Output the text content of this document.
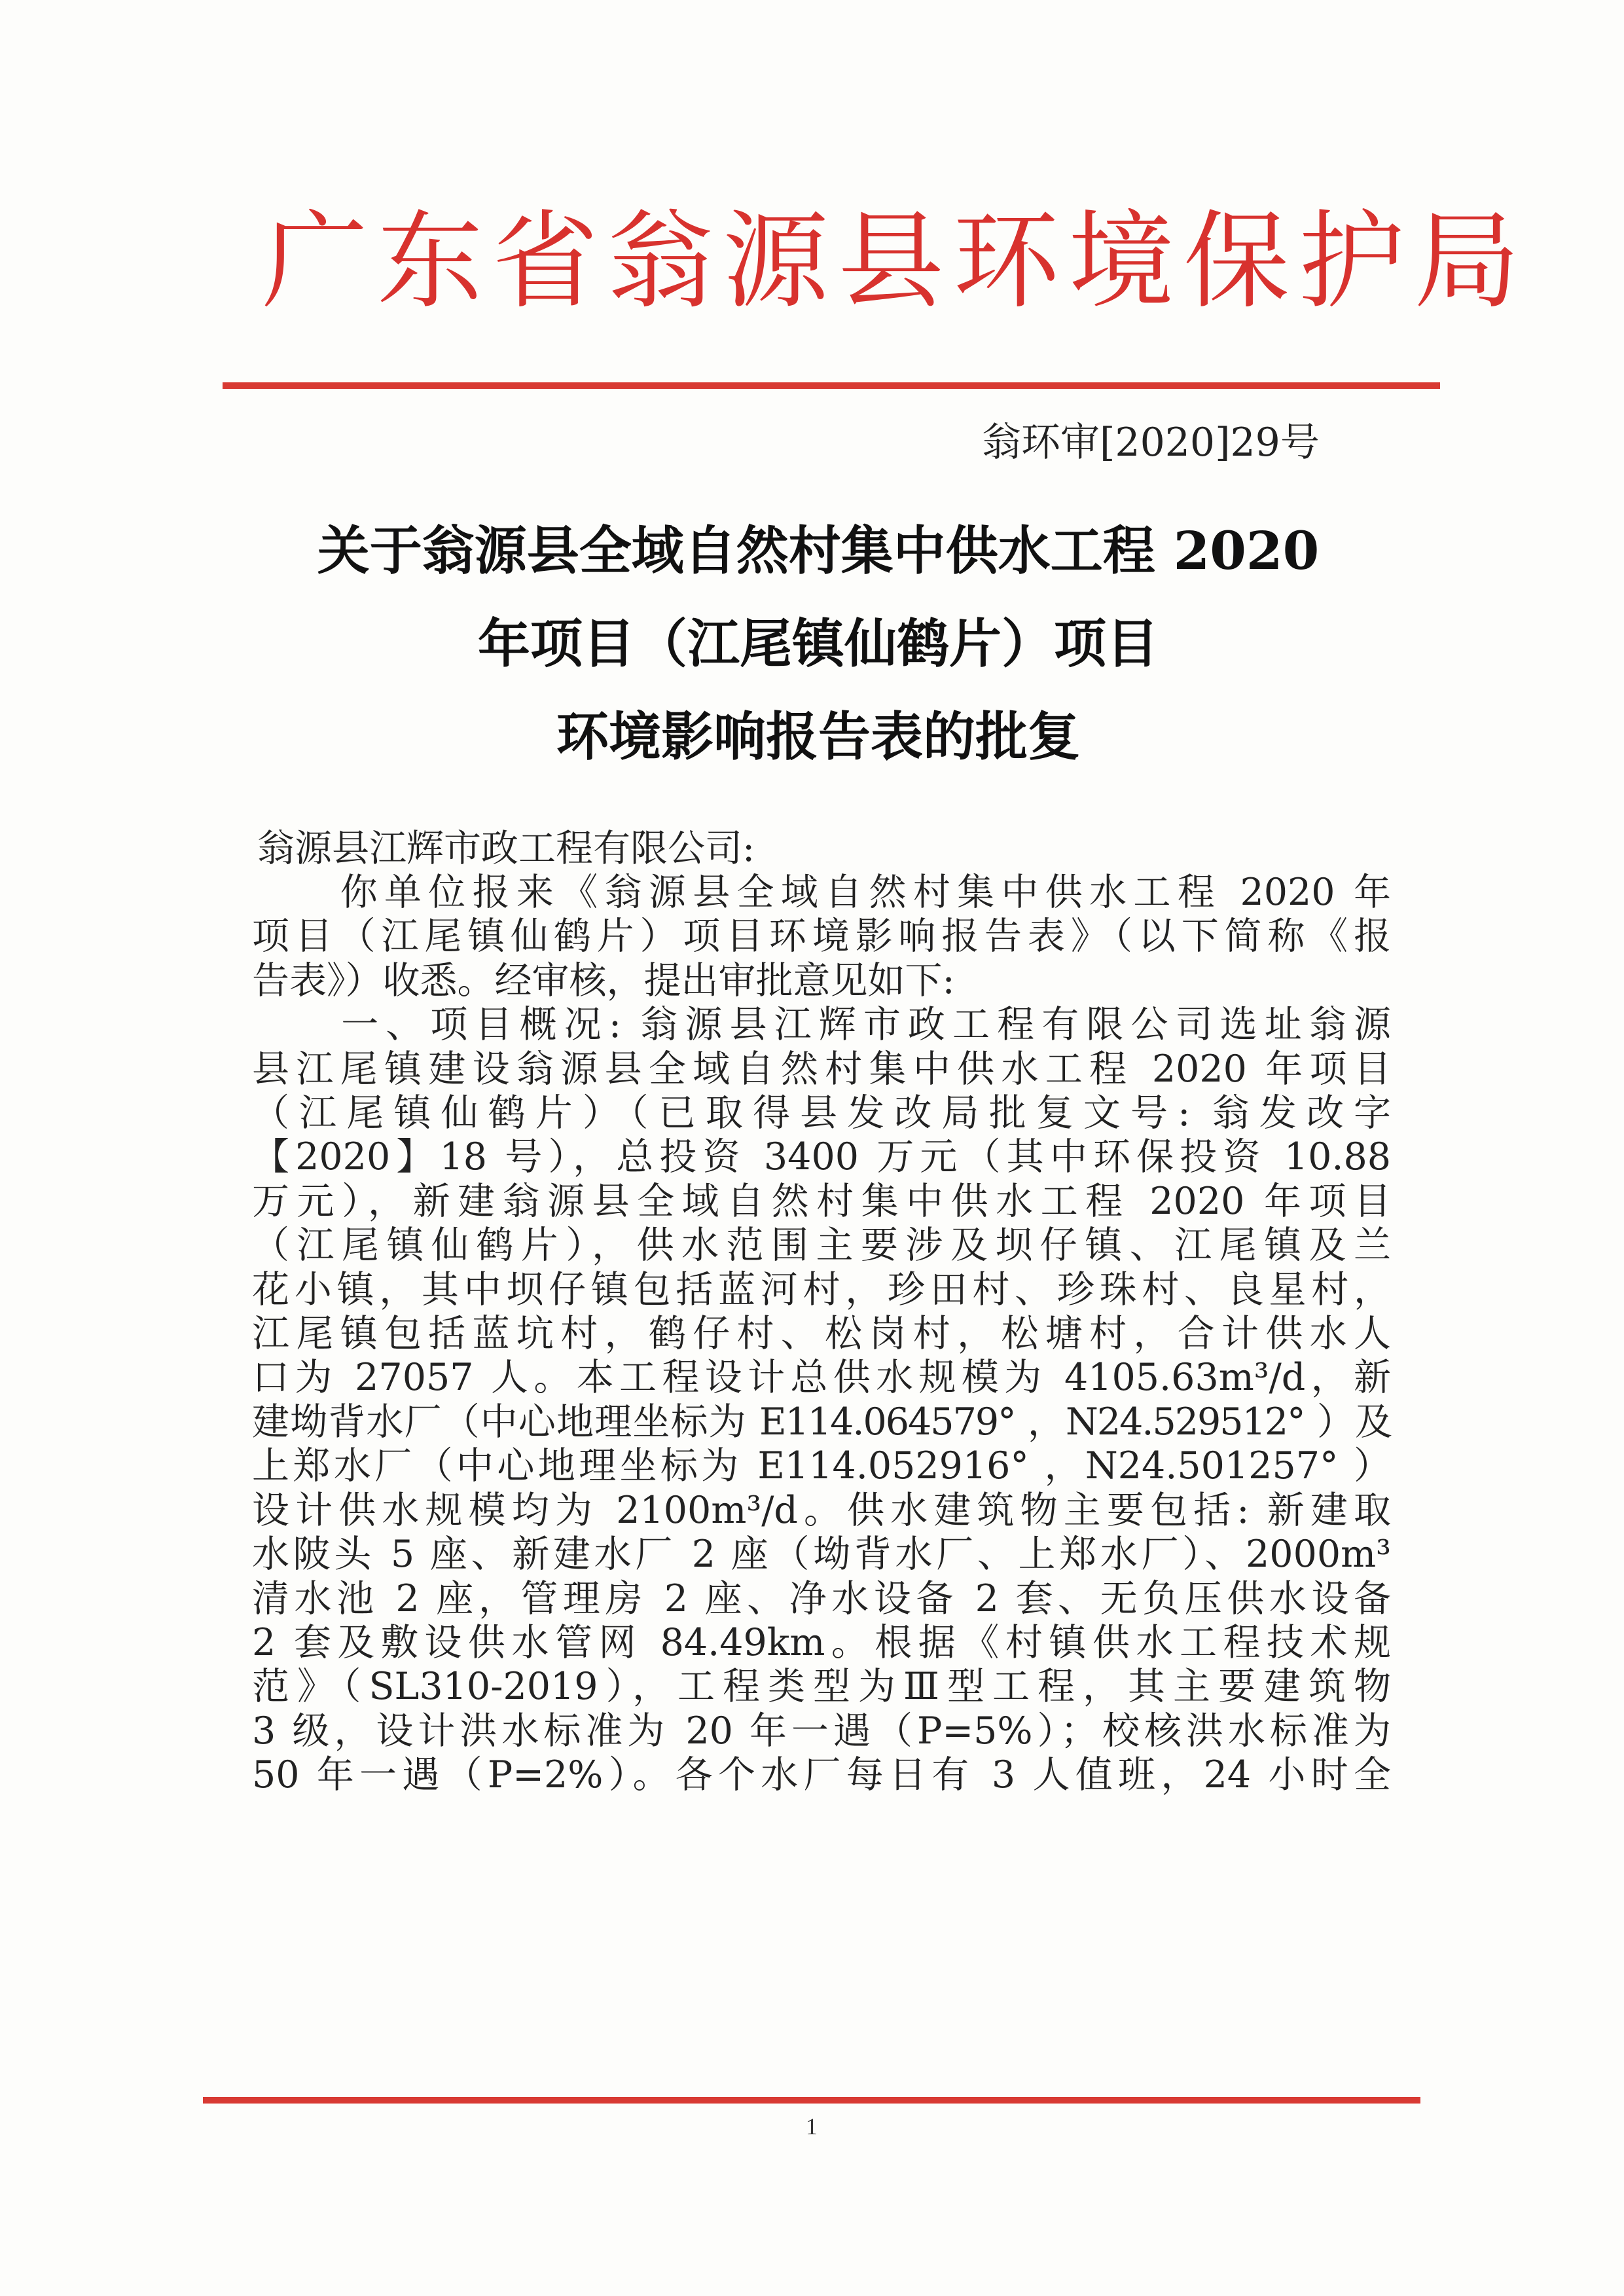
广东省翁源县环境保护局
翁环审[2020]29号
关于翁源县全域自然村集中供水工程 2020
年项目（江尾镇仙鹤片）项目
环境影响报告表的批复
翁源县江辉市政工程有限公司:

　　你单位报来《翁源县全域自然村集中供水工程 2020 年
项目（江尾镇仙鹤片）项目环境影响报告表》（以下简称《报
告表》）收悉。经审核，提出审批意见如下:
　　一、项目概况: 翁源县江辉市政工程有限公司选址翁源
县江尾镇建设翁源县全域自然村集中供水工程 2020 年项目
（江尾镇仙鹤片）（已取得县发改局批复文号: 翁发改字
【2020】18 号），总投资 3400 万元（其中环保投资 10.88
万元），新建翁源县全域自然村集中供水工程 2020 年项目
（江尾镇仙鹤片），供水范围主要涉及坝仔镇、江尾镇及兰
花小镇，其中坝仔镇包括蓝河村，珍田村、珍珠村、良星村，
江尾镇包括蓝坑村，鹤仔村、松岗村，松塘村，合计供水人
口为 27057 人。本工程设计总供水规模为 4105.63m³/d，新
建坳背水厂（中心地理坐标为 E114.064579° ，N24.529512° ）及
上郑水厂（中心地理坐标为 E114.052916° ，N24.501257° ）
设计供水规模均为 2100m³/d。供水建筑物主要包括: 新建取
水陂头 5 座、新建水厂 2 座（坳背水厂、上郑水厂）、2000m³
清水池 2 座，管理房 2 座、净水设备 2 套、无负压供水设备
2 套及敷设供水管网 84.49km。根据《村镇供水工程技术规
范》（SL310-2019），工程类型为Ⅲ型工程，其主要建筑物
3 级，设计洪水标准为 20 年一遇（P=5%）；校核洪水标准为
50 年一遇（P=2%）。各个水厂每日有 3 人值班，24 小时全

1
